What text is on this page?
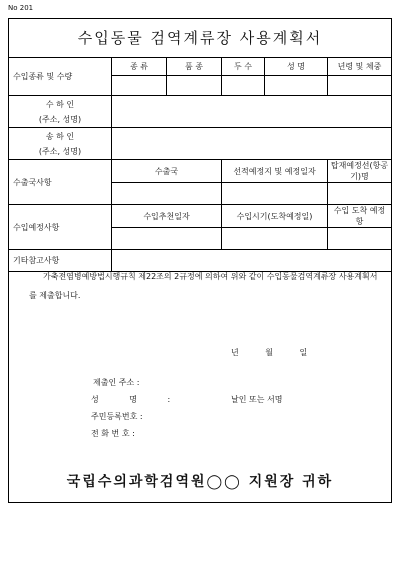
No 201
수입동물 검역계류장 사용계획서
수입종류 및 수량	종 류	품 종	두 수	성 명	년령 및 체중

수 하 인
(주소, 성명)					

송 하 인
(주소, 성명)					

수출국사항	수출국		선적예정지 및 예정일자		탑재예정선(항공기)명

수입예정사항	수입추천일자		수입시기(도착예정일)		수입 도착 예정항

기타참고사항					
가축전염병예방법시행규칙 제22조의 2규정에 의하여 위와 같이 수입동물검역계류장 사용계획서를 제출합니다.
년 월 일
제출인 주소 :
성 명 :	날인 또는 서명
주민등록번호 :
전 화 번 호 :
국립수의과학검역원◯◯ 지원장 귀하
